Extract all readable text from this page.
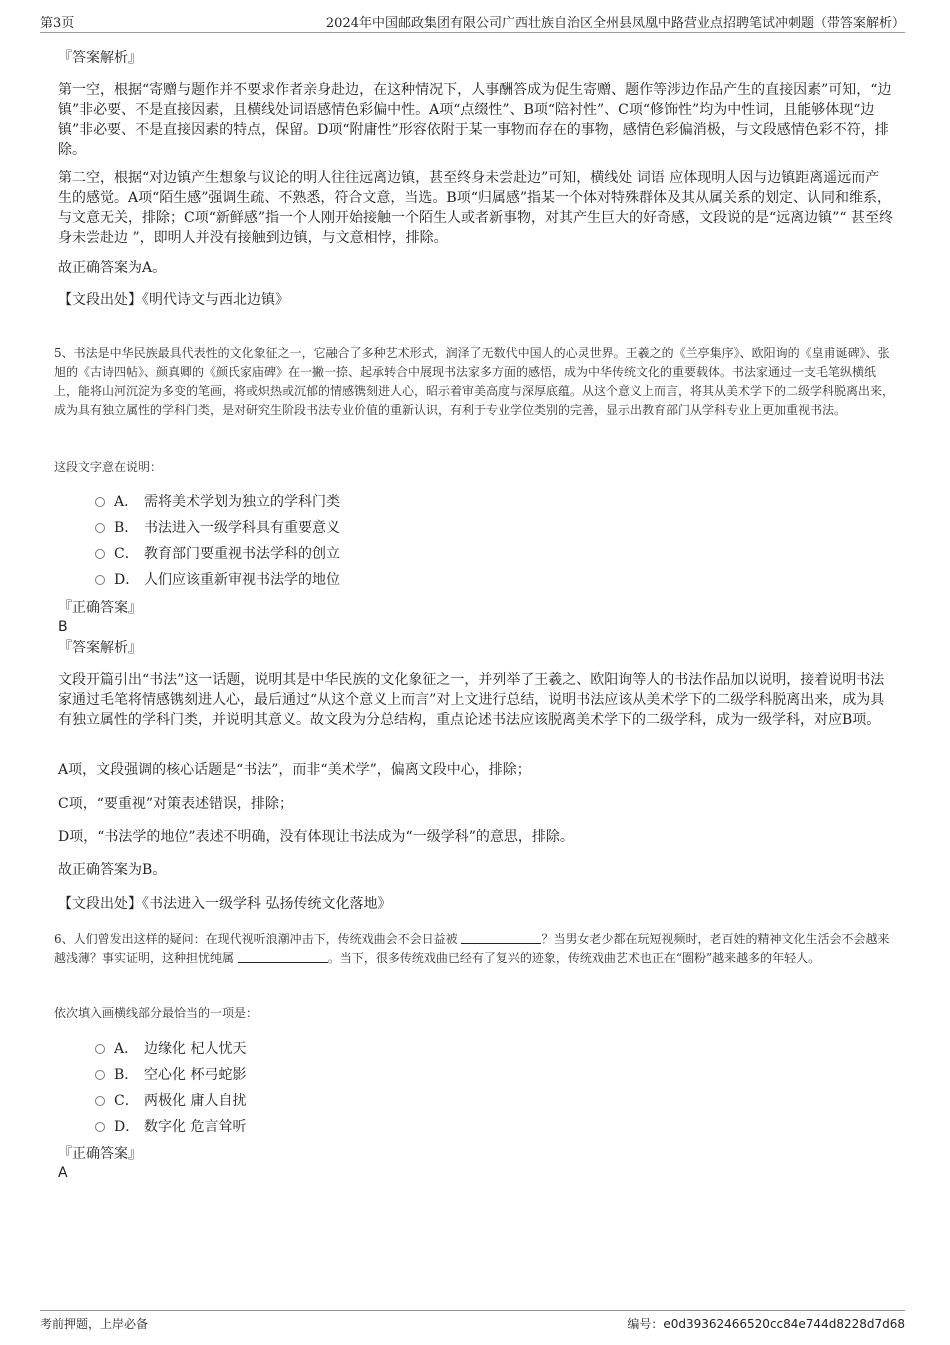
第3页	2024年中国邮政集团有限公司广西壮族自治区全州县凤凰中路营业点招聘笔试冲刺题（带答案解析）
『答案解析』

第一空，根据“寄赠与题作并不要求作者亲身赴边，在这种情况下，人事酬答成为促生寄赠、题作等涉边作品产生的直接因素”可知，“边镇”非必要、不是直接因素，且横线处词语感情色彩偏中性。A项“点缀性”、B项“陪衬性”、C项“修饰性”均为中性词，且能够体现“边镇”非必要、不是直接因素的特点，保留。D项“附庸性”形容依附于某一事物而存在的事物，感情色彩偏消极，与文段感情色彩不符，排除。

第二空，根据“对边镇产生想象与议论的明人往往远离边镇，甚至终身未尝赴边”可知，横线处 词语 应体现明人因与边镇距离遥远而产生的感觉。A项“陌生感”强调生疏、不熟悉，符合文意，当选。B项“归属感”指某一个体对特殊群体及其从属关系的划定、认同和维系，与文意无关，排除；C项“新鲜感”指一个人刚开始接触一个陌生人或者新事物，对其产生巨大的好奇感，文段说的是“远离边镇”“ 甚至终身未尝赴边 ”，即明人并没有接触到边镇，与文意相悖，排除。

故正确答案为A。
【文段出处】《明代诗文与西北边镇》
5、书法是中华民族最具代表性的文化象征之一，它融合了多种艺术形式，润泽了无数代中国人的心灵世界。王羲之的《兰亭集序》、欧阳询的《皇甫诞碑》、张旭的《古诗四帖》、颜真卿的《颜氏家庙碑》在一撇一捺、起承转合中展现书法家多方面的感悟，成为中华传统文化的重要载体。书法家通过一支毛笔纵横纸上，能将山河沉淀为多变的笔画，将或炽热或沉郁的情感镌刻进人心，昭示着审美高度与深厚底蕴。从这个意义上而言，将其从美术学下的二级学科脱离出来，成为具有独立属性的学科门类，是对研究生阶段书法专业价值的重新认识，有利于专业学位类别的完善，显示出教育部门从学科专业上更加重视书法。
这段文字意在说明：
A． 需将美术学划为独立的学科门类
B． 书法进入一级学科具有重要意义
C． 教育部门要重视书法学科的创立
D． 人们应该重新审视书法学的地位
『正确答案』
B
『答案解析』

文段开篇引出“书法”这一话题，说明其是中华民族的文化象征之一，并列举了王羲之、欧阳询等人的书法作品加以说明，接着说明书法家通过毛笔将情感镌刻进人心，最后通过“从这个意义上而言”对上文进行总结，说明书法应该从美术学下的二级学科脱离出来，成为具有独立属性的学科门类，并说明其意义。故文段为分总结构，重点论述书法应该脱离美术学下的二级学科，成为一级学科，对应B项。

A项，文段强调的核心话题是“书法”，而非“美术学”，偏离文段中心，排除；

C项，“要重视”对策表述错误，排除；

D项，“书法学的地位”表述不明确，没有体现让书法成为“一级学科”的意思，排除。

故正确答案为B。
【文段出处】《书法进入一级学科 弘扬传统文化落地》
6、人们曾发出这样的疑问：在现代视听浪潮冲击下，传统戏曲会不会日益被	？当男女老少都在玩短视频时，老百姓的精神文化生活会不会越来越浅薄？事实证明，这种担忧纯属	。当下，很多传统戏曲已经有了复兴的迹象，传统戏曲艺术也正在“圈粉”越来越多的年轻人。
依次填入画横线部分最恰当的一项是：
A． 边缘化 杞人忧天
B． 空心化 杯弓蛇影
C． 两极化 庸人自扰
D． 数字化 危言耸听
『正确答案』
A
考前押题，上岸必备	编号：e0d39362466520cc84e744d8228d7d68
